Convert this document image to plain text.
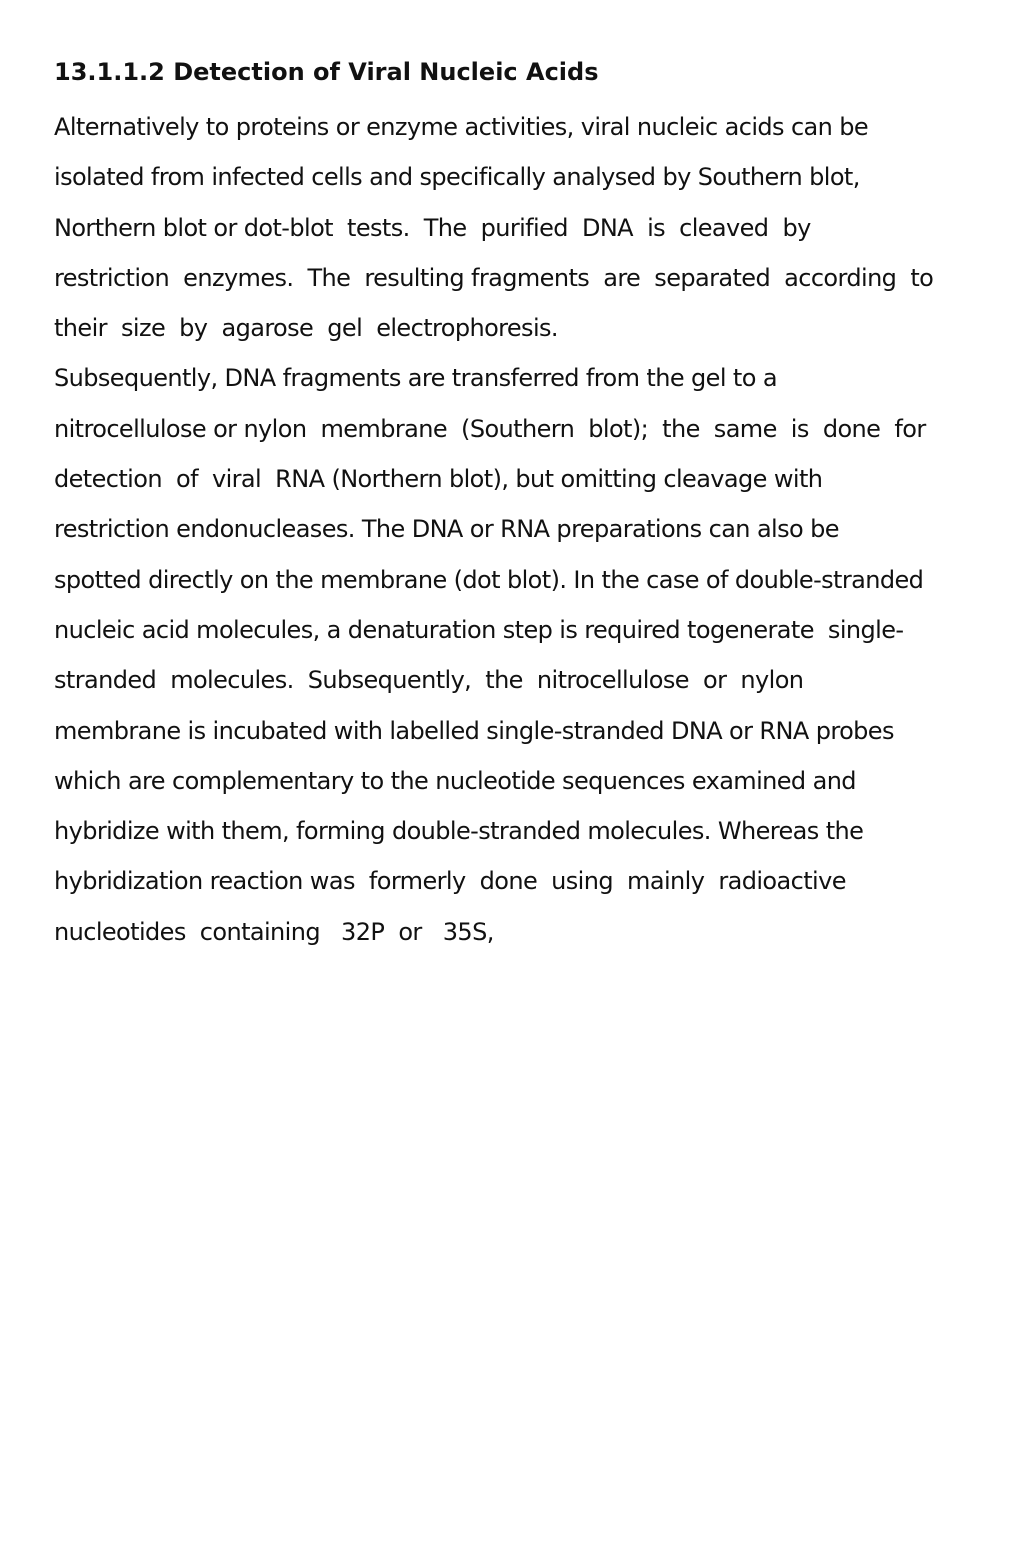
13.1.1.2 Detection of Viral Nucleic Acids

Alternatively to proteins or enzyme activities, viral nucleic acids can be

isolated from infected cells and specifically analysed by Southern blot,

Northern blot or dot-blot  tests.  The  purified  DNA  is  cleaved  by

restriction  enzymes.  The  resulting fragments  are  separated  according  to

their  size  by  agarose  gel  electrophoresis.

Subsequently, DNA fragments are transferred from the gel to a

nitrocellulose or nylon  membrane  (Southern  blot);  the  same  is  done  for

detection  of  viral  RNA (Northern blot), but omitting cleavage with

restriction endonucleases. The DNA or RNA preparations can also be

spotted directly on the membrane (dot blot). In the case of double-stranded

nucleic acid molecules, a denaturation step is required togenerate  single-

stranded  molecules.  Subsequently,  the  nitrocellulose  or  nylon

membrane is incubated with labelled single-stranded DNA or RNA probes

which are complementary to the nucleotide sequences examined and

hybridize with them, forming double-stranded molecules. Whereas the

hybridization reaction was  formerly  done  using  mainly  radioactive

nucleotides  containing   32P  or   35S,
